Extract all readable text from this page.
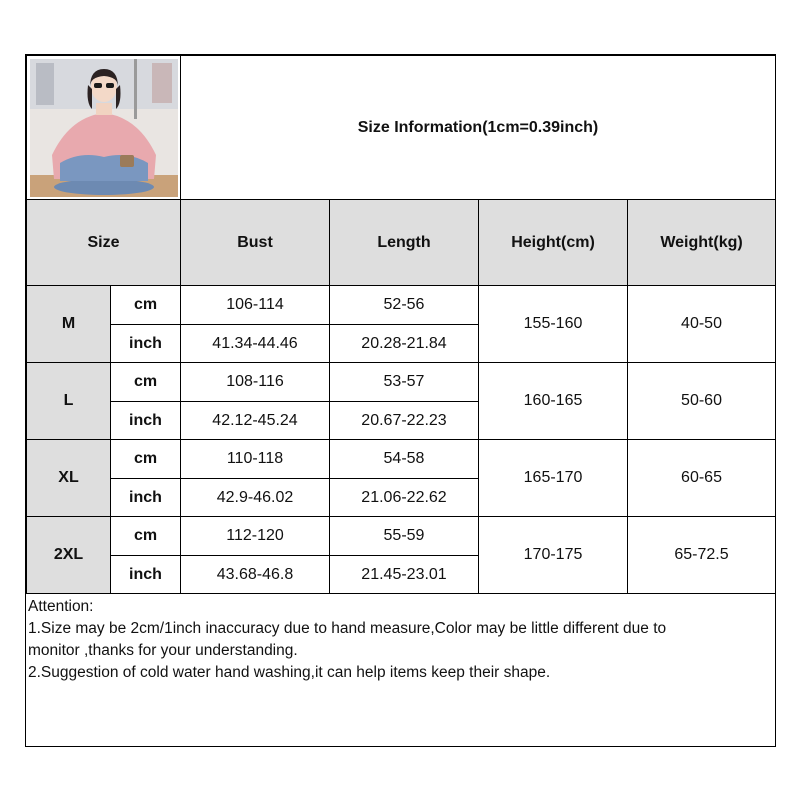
	Size Information(1cm=0.39inch)			
Size		Bust	Length	Height(cm)	Weight(kg)
M	cm	106-114	52-56	155-160	40-50
	inch	41.34-44.46	20.28-21.84		
L	cm	108-116	53-57	160-165	50-60
	inch	42.12-45.24	20.67-22.23		
XL	cm	110-118	54-58	165-170	60-65
	inch	42.9-46.02	21.06-22.62		
2XL	cm	112-120	55-59	170-175	65-72.5
	inch	43.68-46.8	21.45-23.01		
Attention:
1.Size may be 2cm/1inch inaccuracy due to hand measure,Color may be little different due to
monitor ,thanks for your understanding.
2.Suggestion of cold water hand washing,it can help items keep their shape.
